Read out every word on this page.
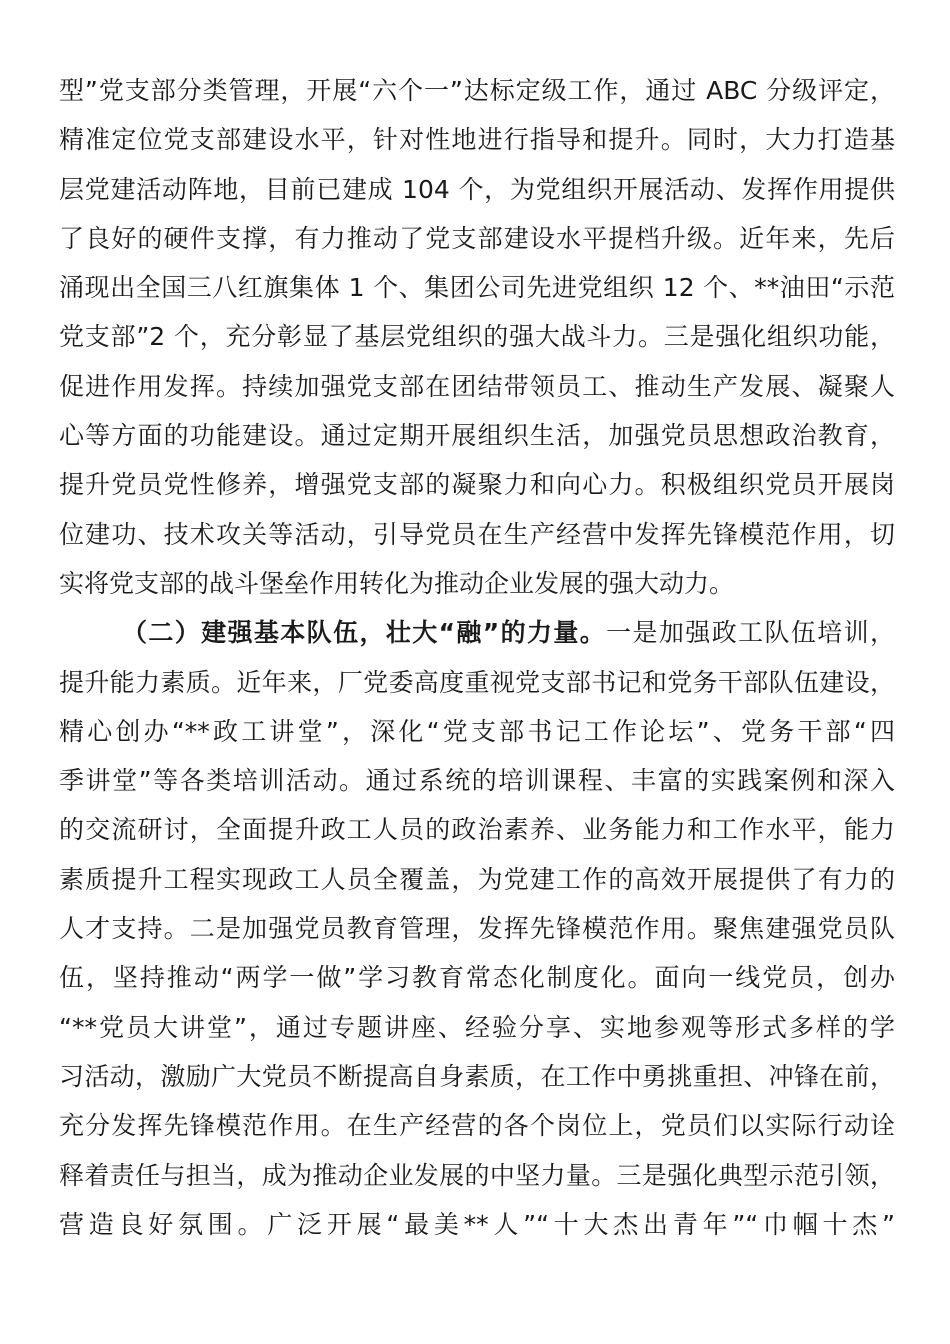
型”党支部分类管理，开展“六个一”达标定级工作，通过 ABC 分级评定，
精准定位党支部建设水平，针对性地进行指导和提升。同时，大力打造基
层党建活动阵地，目前已建成 104 个，为党组织开展活动、发挥作用提供
了良好的硬件支撑，有力推动了党支部建设水平提档升级。近年来，先后
涌现出全国三八红旗集体 1 个、集团公司先进党组织 12 个、**油田“示范
党支部”2 个，充分彰显了基层党组织的强大战斗力。三是强化组织功能，
促进作用发挥。持续加强党支部在团结带领员工、推动生产发展、凝聚人
心等方面的功能建设。通过定期开展组织生活，加强党员思想政治教育，
提升党员党性修养，增强党支部的凝聚力和向心力。积极组织党员开展岗
位建功、技术攻关等活动，引导党员在生产经营中发挥先锋模范作用，切
实将党支部的战斗堡垒作用转化为推动企业发展的强大动力。
（二）建强基本队伍，壮大“融”的力量。一是加强政工队伍培训，
提升能力素质。近年来，厂党委高度重视党支部书记和党务干部队伍建设，
精心创办“**政工讲堂”，深化“党支部书记工作论坛”、党务干部“四
季讲堂”等各类培训活动。通过系统的培训课程、丰富的实践案例和深入
的交流研讨，全面提升政工人员的政治素养、业务能力和工作水平，能力
素质提升工程实现政工人员全覆盖，为党建工作的高效开展提供了有力的
人才支持。二是加强党员教育管理，发挥先锋模范作用。聚焦建强党员队
伍，坚持推动“两学一做”学习教育常态化制度化。面向一线党员，创办
“**党员大讲堂”，通过专题讲座、经验分享、实地参观等形式多样的学
习活动，激励广大党员不断提高自身素质，在工作中勇挑重担、冲锋在前，
充分发挥先锋模范作用。在生产经营的各个岗位上，党员们以实际行动诠
释着责任与担当，成为推动企业发展的中坚力量。三是强化典型示范引领，
营造良好氛围。广泛开展“最美**人”“十大杰出青年”“巾帼十杰”
